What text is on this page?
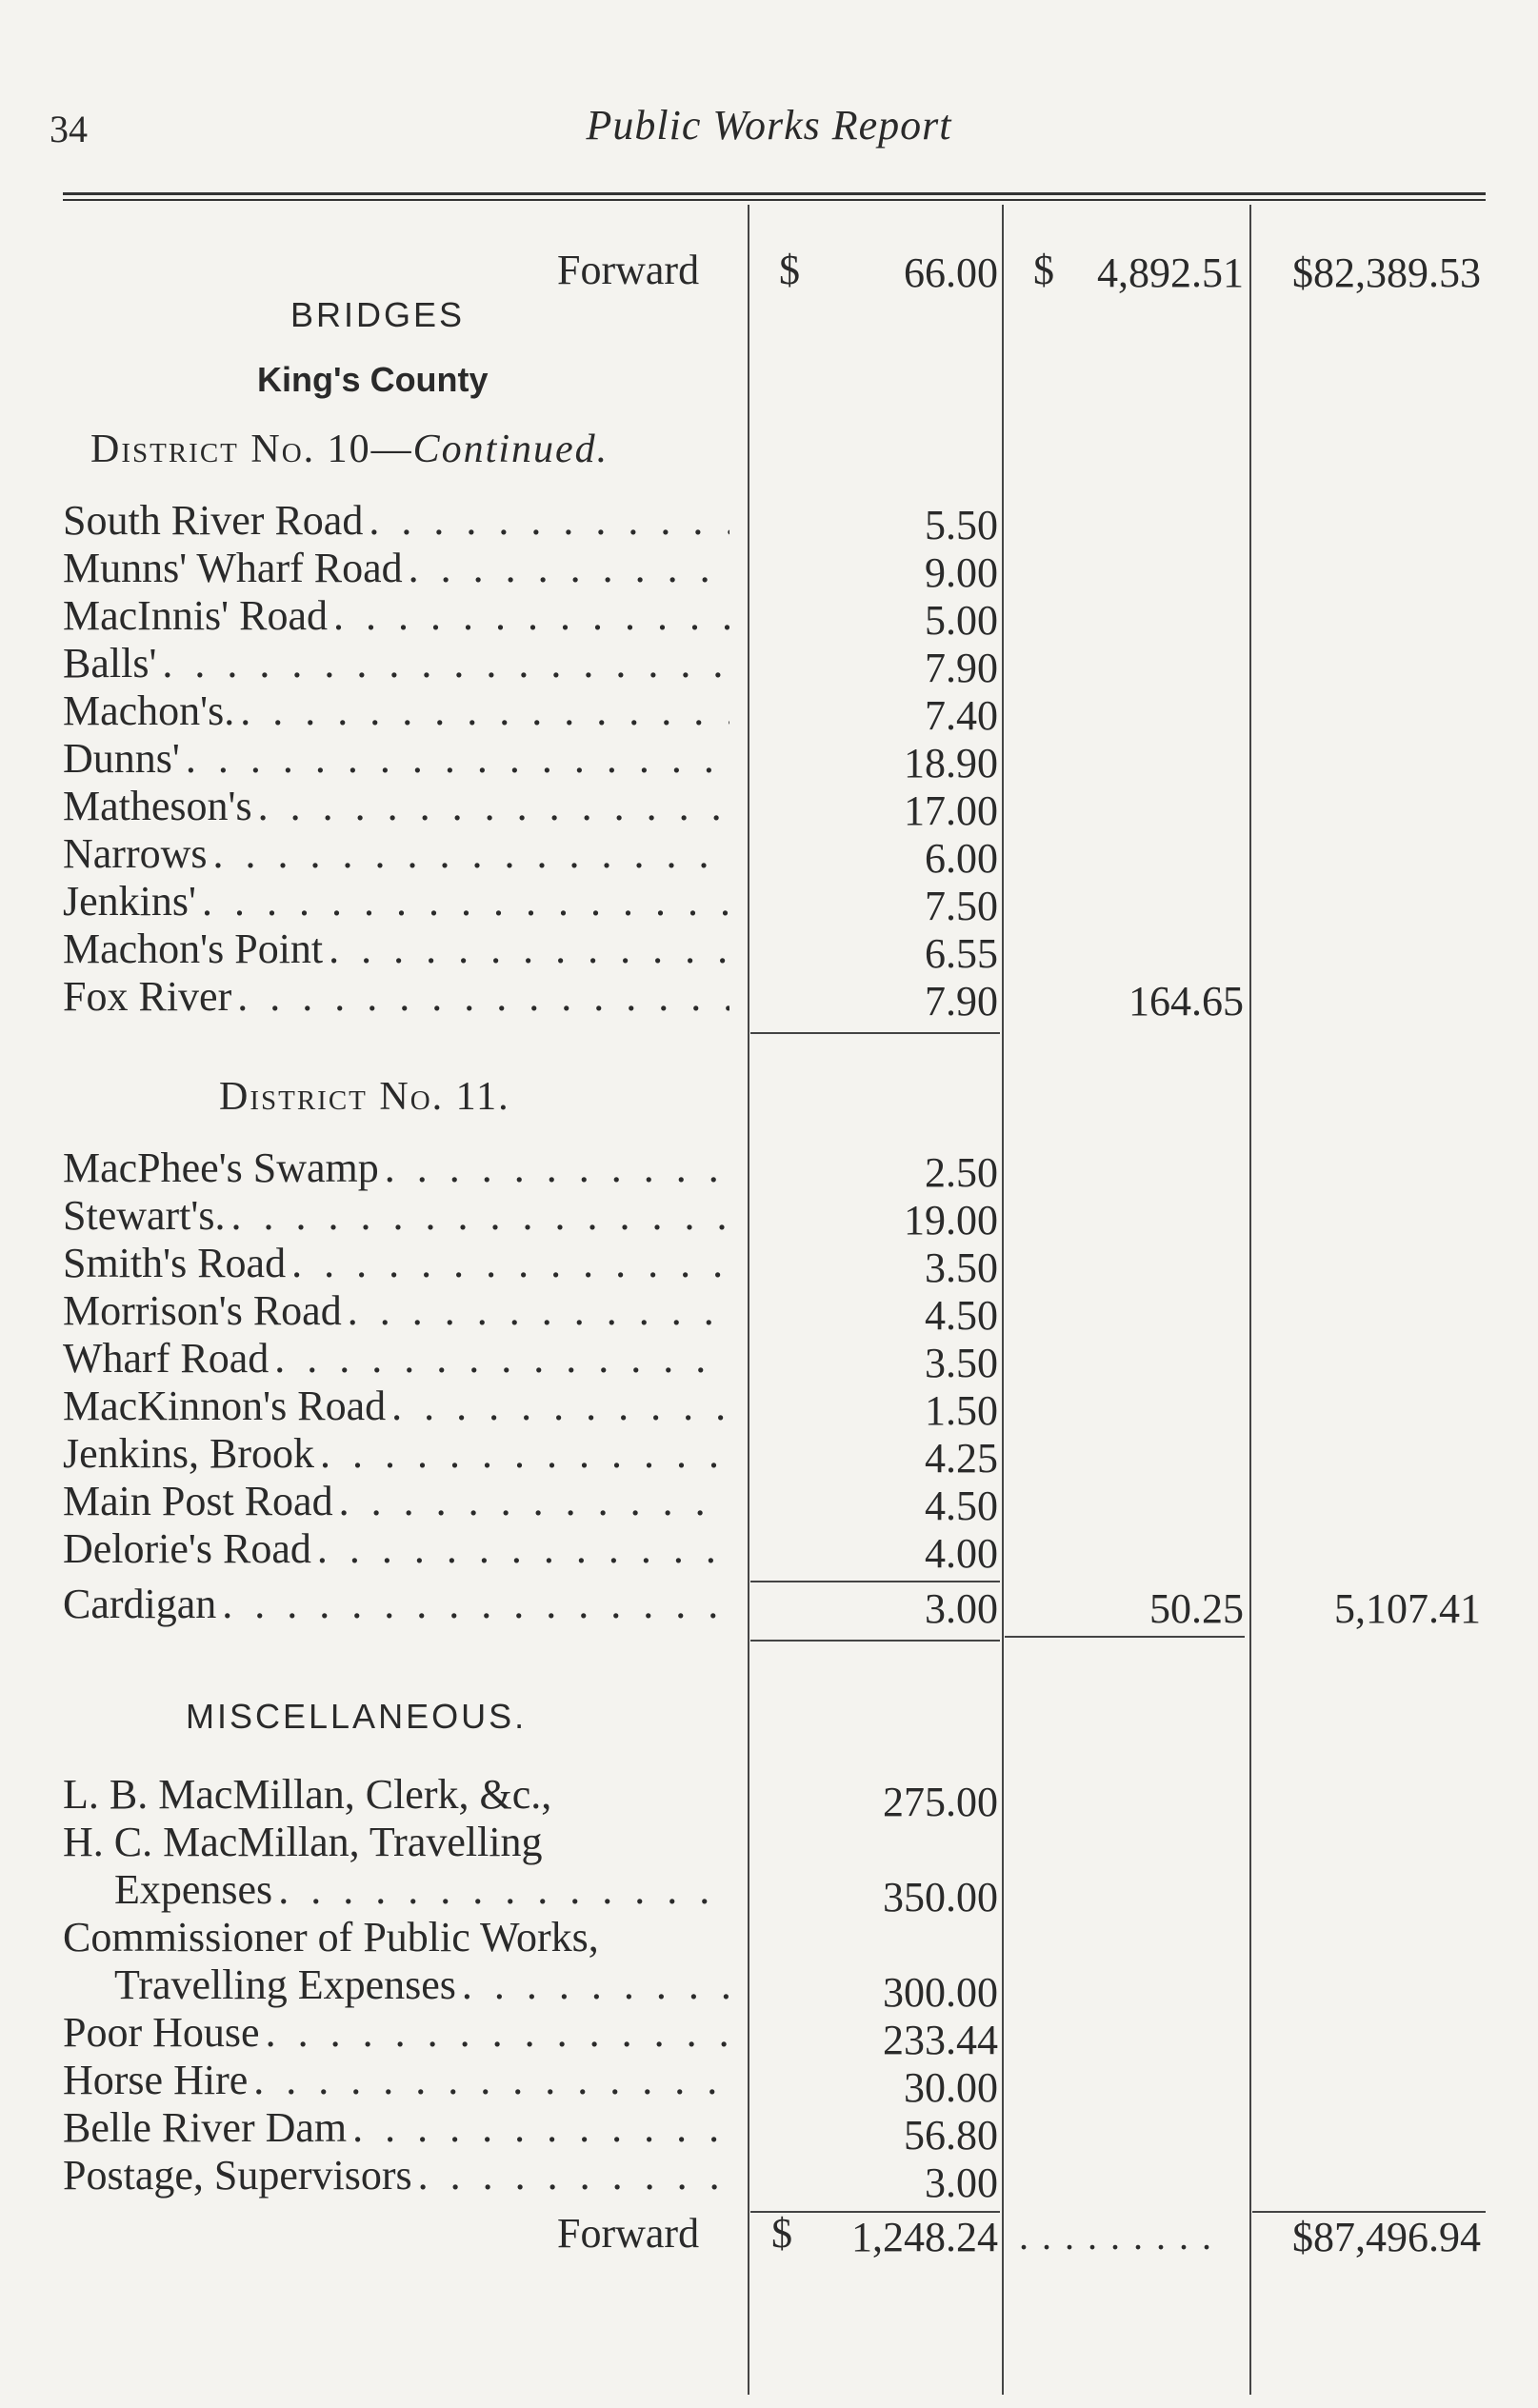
34	Public Works Report
Forward $	66.00 $	4,892.51	$82,389.53
BRIDGES
King's County
District No. 10—Continued.
South River Road . . .	5.50
Munns' Wharf Road . . .	9.00
MacInnis' Road . . .	5.00
Balls' . . .	7.90
Machon's. . . .	7.40
Dunns' . . .	18.90
Matheson's . . .	17.00
Narrows . . .	6.00
Jenkins' . . .	7.50
Machon's Point . . .	6.55
Fox River . . .	7.90	164.65
District No. 11.
MacPhee's Swamp . . .	2.50
Stewart's. . . .	19.00
Smith's Road . . .	3.50
Morrison's Road . . .	4.50
Wharf Road . . .	3.50
MacKinnon's Road . . .	1.50
Jenkins, Brook . . .	4.25
Main Post Road . . .	4.50
Delorie's Road . . .	4.00
Cardigan . . .	3.00	50.25	5,107.41
MISCELLANEOUS.
L. B. MacMillan, Clerk, &c.,	275.00
H. C. MacMillan, Travelling
Expenses . . .	350.00
Commissioner of Public Works,
Travelling Expenses . . .	300.00
Poor House . . .	233.44
Horse Hire . . .	30.00
Belle River Dam . . .	56.80
Postage, Supervisors . . .	3.00
Forward $	1,248.24 . . . . . . . . .	$87,496.94
